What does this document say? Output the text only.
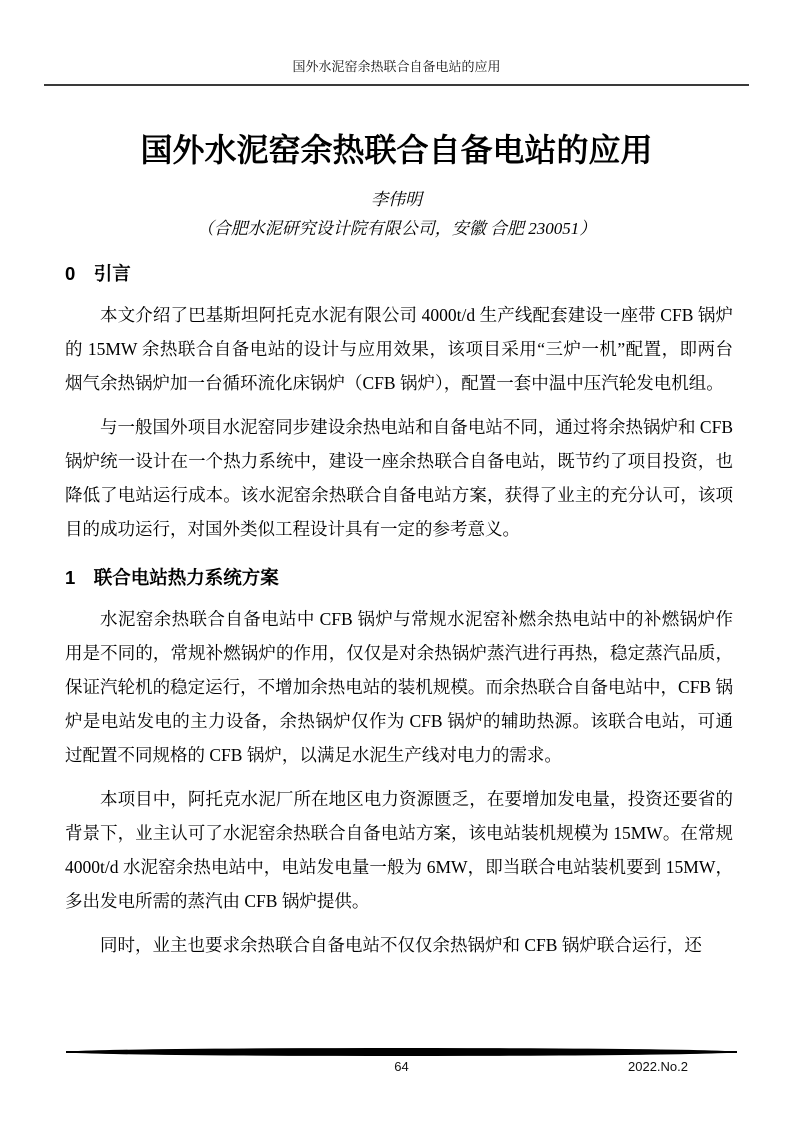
国外水泥窑余热联合自备电站的应用
国外水泥窑余热联合自备电站的应用
李伟明
（合肥水泥研究设计院有限公司，安徽 合肥 230051）
0　引言

本文介绍了巴基斯坦阿托克水泥有限公司 4000t/d 生产线配套建设一座带 CFB 锅炉的 15MW 余热联合自备电站的设计与应用效果，该项目采用“三炉一机”配置，即两台烟气余热锅炉加一台循环流化床锅炉（CFB 锅炉），配置一套中温中压汽轮发电机组。

与一般国外项目水泥窑同步建设余热电站和自备电站不同，通过将余热锅炉和 CFB 锅炉统一设计在一个热力系统中，建设一座余热联合自备电站，既节约了项目投资，也降低了电站运行成本。该水泥窑余热联合自备电站方案，获得了业主的充分认可，该项目的成功运行，对国外类似工程设计具有一定的参考意义。

1　联合电站热力系统方案

水泥窑余热联合自备电站中 CFB 锅炉与常规水泥窑补燃余热电站中的补燃锅炉作用是不同的，常规补燃锅炉的作用，仅仅是对余热锅炉蒸汽进行再热，稳定蒸汽品质，保证汽轮机的稳定运行，不增加余热电站的装机规模。而余热联合自备电站中，CFB 锅炉是电站发电的主力设备，余热锅炉仅作为 CFB 锅炉的辅助热源。该联合电站，可通过配置不同规格的 CFB 锅炉，以满足水泥生产线对电力的需求。

本项目中，阿托克水泥厂所在地区电力资源匮乏，在要增加发电量，投资还要省的背景下，业主认可了水泥窑余热联合自备电站方案，该电站装机规模为 15MW。在常规 4000t/d 水泥窑余热电站中，电站发电量一般为 6MW，即当联合电站装机要到 15MW，多出发电所需的蒸汽由 CFB 锅炉提供。

同时，业主也要求余热联合自备电站不仅仅余热锅炉和 CFB 锅炉联合运行，还

64	2022.No.2
